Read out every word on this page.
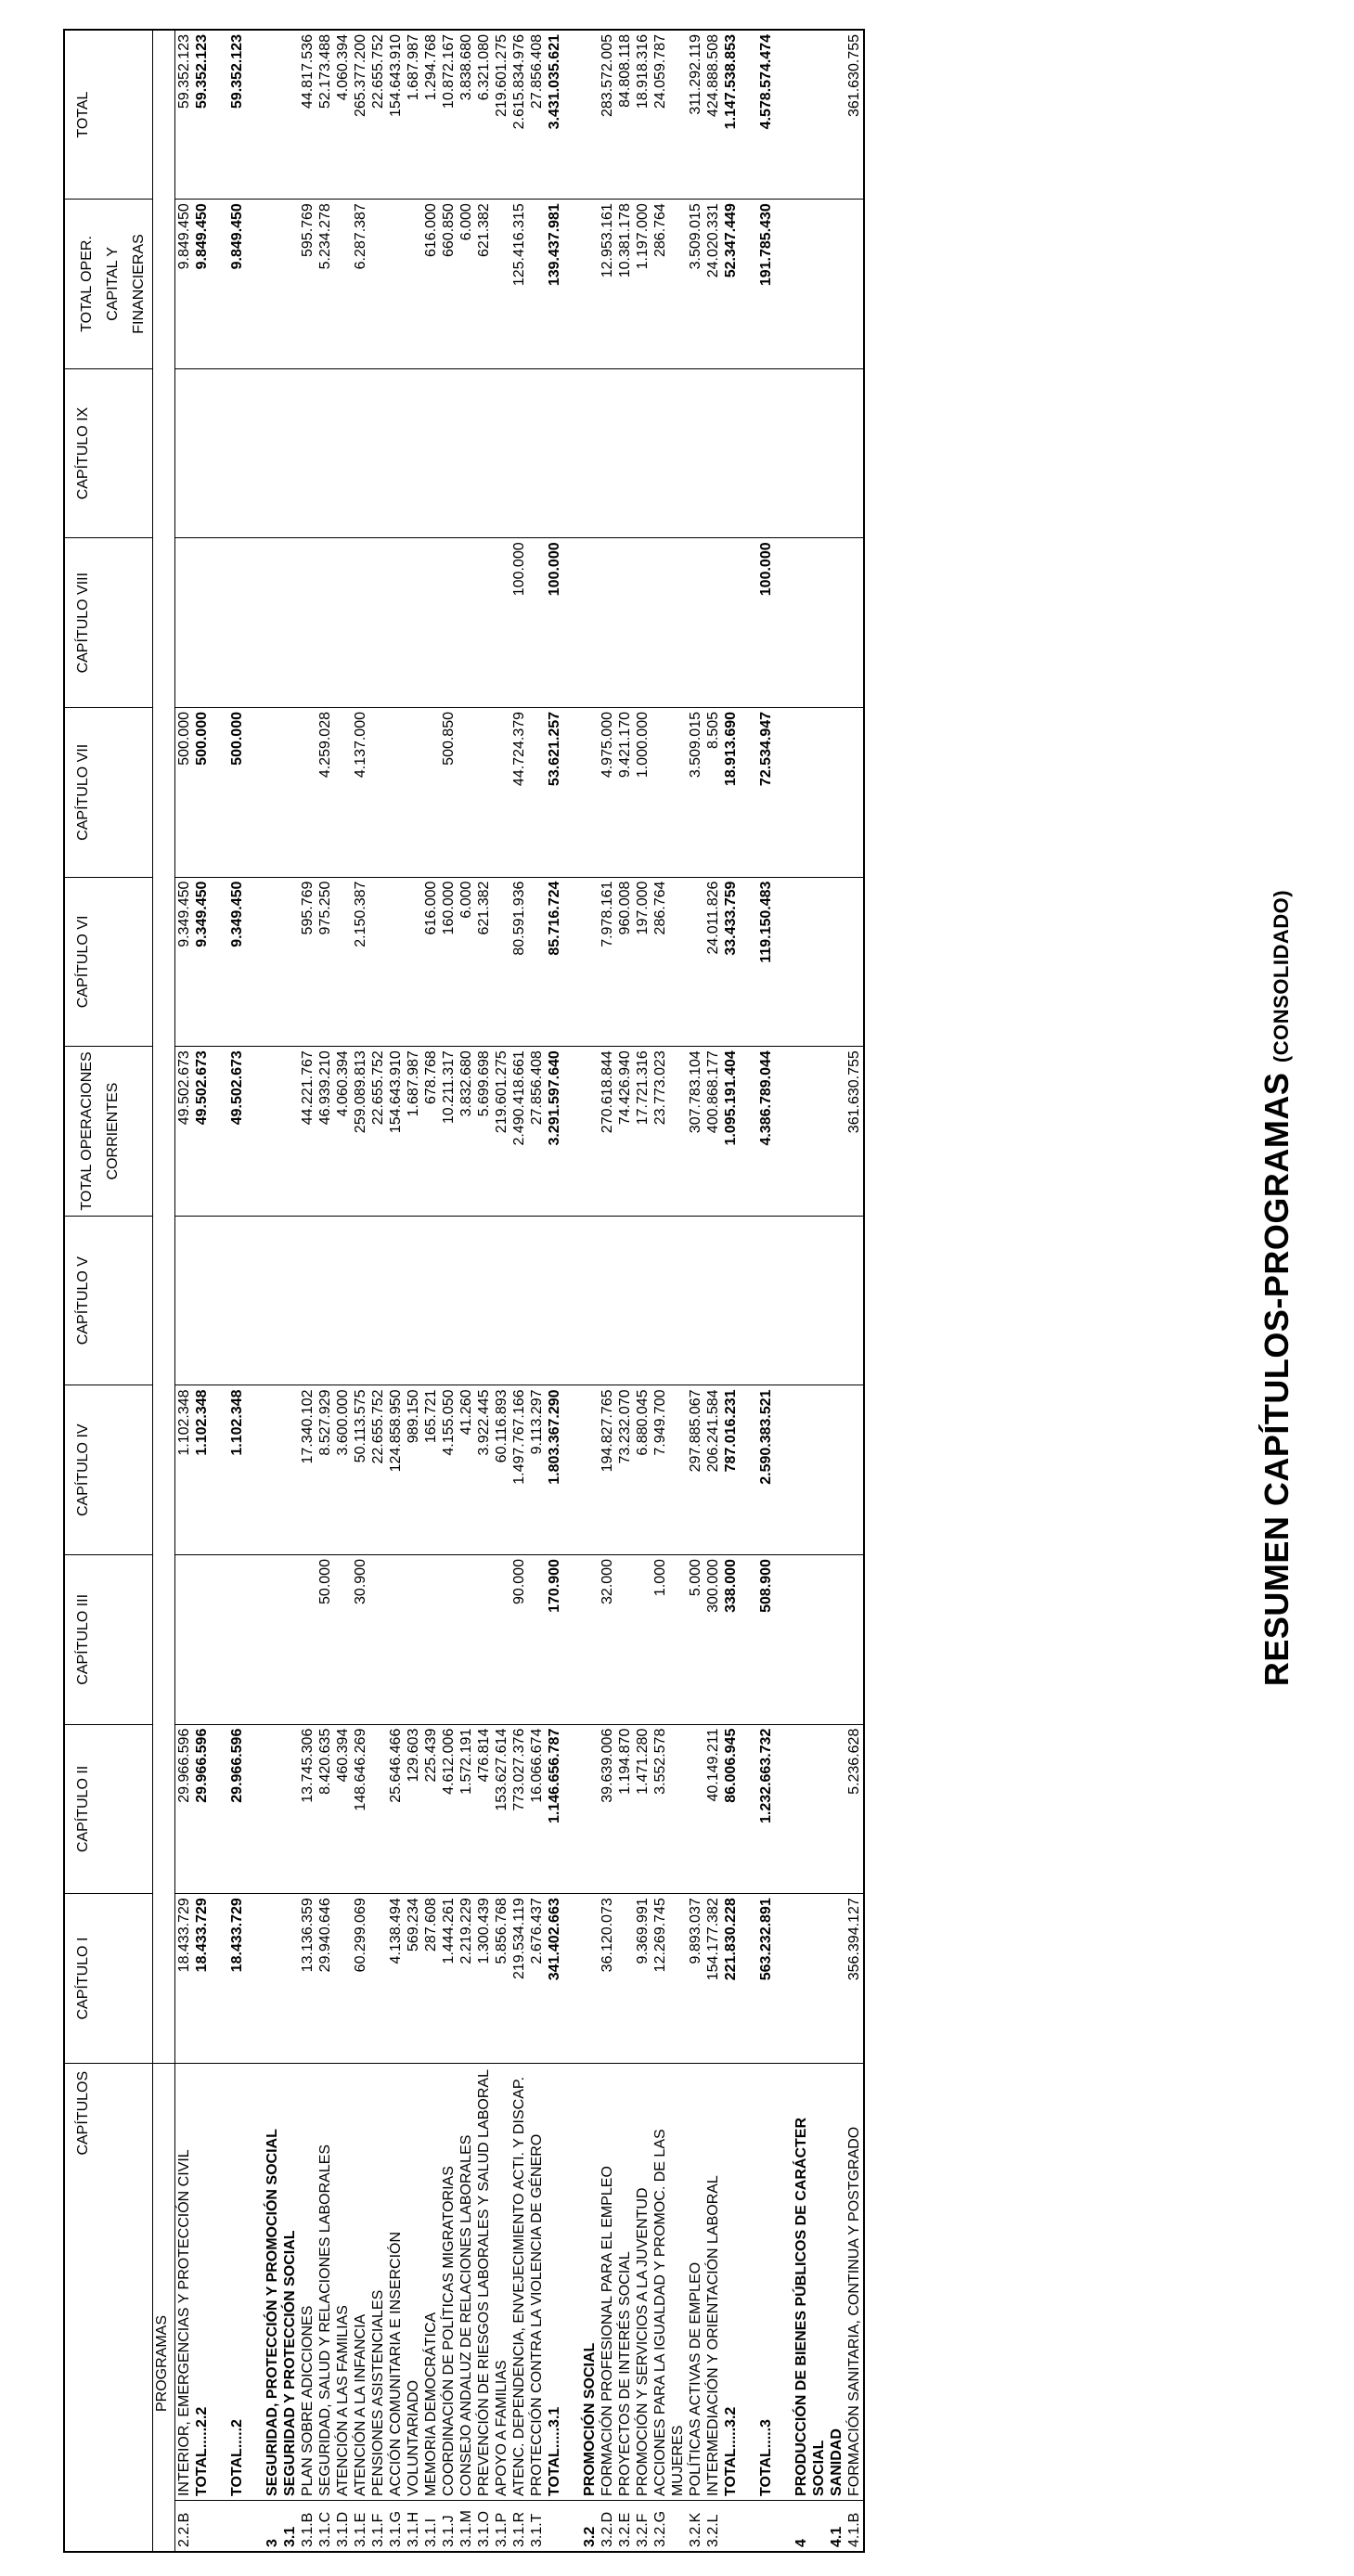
RESUMEN CAPÍTULOS-PROGRAMAS (CONSOLIDADO)
CAPÍTULOS		CAPÍTULO I	CAPÍTULO II	CAPÍTULO III	CAPÍTULO IV	CAPÍTULO V	TOTAL OPERACIONES CORRIENTES	CAPÍTULO VI	CAPÍTULO VII	CAPÍTULO VIII	CAPÍTULO IX	TOTAL OPER. CAPITAL Y FINANCIERAS	TOTAL
PROGRAMAS													
2.2.B	INTERIOR, EMERGENCIAS Y PROTECCIÓN CIVIL	18.433.729	29.966.596		1.102.348		49.502.673	9.349.450	500.000			9.849.450	59.352.123
	TOTAL.....2.2	18.433.729	29.966.596		1.102.348		49.502.673	9.349.450	500.000			9.849.450	59.352.123

	TOTAL.....2	18.433.729	29.966.596		1.102.348		49.502.673	9.349.450	500.000			9.849.450	59.352.123

3	SEGURIDAD, PROTECCIÓN Y PROMOCIÓN SOCIAL												
3.1	SEGURIDAD Y PROTECCIÓN SOCIAL												
3.1.B	PLAN SOBRE ADICCIONES	13.136.359	13.745.306		17.340.102		44.221.767	595.769				595.769	44.817.536
3.1.C	SEGURIDAD, SALUD Y RELACIONES LABORALES	29.940.646	8.420.635	50.000	8.527.929		46.939.210	975.250	4.259.028			5.234.278	52.173.488
3.1.D	ATENCIÓN A LAS FAMILIAS		460.394		3.600.000		4.060.394						4.060.394
3.1.E	ATENCIÓN A LA INFANCIA	60.299.069	148.646.269	30.900	50.113.575		259.089.813	2.150.387	4.137.000			6.287.387	265.377.200
3.1.F	PENSIONES ASISTENCIALES				22.655.752		22.655.752						22.655.752
3.1.G	ACCIÓN COMUNITARIA E INSERCIÓN	4.138.494	25.646.466		124.858.950		154.643.910						154.643.910
3.1.H	VOLUNTARIADO	569.234	129.603		989.150		1.687.987						1.687.987
3.1.I	MEMORIA DEMOCRÁTICA	287.608	225.439		165.721		678.768	616.000				616.000	1.294.768
3.1.J	COORDINACIÓN DE POLÍTICAS MIGRATORIAS	1.444.261	4.612.006		4.155.050		10.211.317	160.000	500.850			660.850	10.872.167
3.1.M	CONSEJO ANDALUZ DE RELACIONES LABORALES	2.219.229	1.572.191		41.260		3.832.680	6.000				6.000	3.838.680
3.1.O	PREVENCIÓN DE RIESGOS LABORALES Y SALUD LABORAL	1.300.439	476.814		3.922.445		5.699.698	621.382				621.382	6.321.080
3.1.P	APOYO A FAMILIAS	5.856.768	153.627.614		60.116.893		219.601.275						219.601.275
3.1.R	ATENC. DEPENDENCIA, ENVEJECIMIENTO ACTI. Y DISCAP.	219.534.119	773.027.376	90.000	1.497.767.166		2.490.418.661	80.591.936	44.724.379	100.000		125.416.315	2.615.834.976
3.1.T	PROTECCIÓN CONTRA LA VIOLENCIA DE GÉNERO	2.676.437	16.066.674		9.113.297		27.856.408						27.856.408
	TOTAL.....3.1	341.402.663	1.146.656.787	170.900	1.803.367.290		3.291.597.640	85.716.724	53.621.257	100.000		139.437.981	3.431.035.621

3.2	PROMOCIÓN SOCIAL												
3.2.D	FORMACIÓN PROFESIONAL PARA EL EMPLEO	36.120.073	39.639.006	32.000	194.827.765		270.618.844	7.978.161	4.975.000			12.953.161	283.572.005
3.2.E	PROYECTOS DE INTERÉS SOCIAL		1.194.870		73.232.070		74.426.940	960.008	9.421.170			10.381.178	84.808.118
3.2.F	PROMOCIÓN Y SERVICIOS A LA JUVENTUD	9.369.991	1.471.280		6.880.045		17.721.316	197.000	1.000.000			1.197.000	18.918.316
3.2.G	ACCIONES PARA LA IGUALDAD Y PROMOC. DE LAS MUJERES	12.269.745	3.552.578	1.000	7.949.700		23.773.023	286.764				286.764	24.059.787
3.2.K	POLÍTICAS ACTIVAS DE EMPLEO	9.893.037		5.000	297.885.067		307.783.104		3.509.015			3.509.015	311.292.119
3.2.L	INTERMEDIACIÓN Y ORIENTACIÓN LABORAL	154.177.382	40.149.211	300.000	206.241.584		400.868.177	24.011.826	8.505			24.020.331	424.888.508
	TOTAL.....3.2	221.830.228	86.006.945	338.000	787.016.231		1.095.191.404	33.433.759	18.913.690			52.347.449	1.147.538.853

	TOTAL.....3	563.232.891	1.232.663.732	508.900	2.590.383.521		4.386.789.044	119.150.483	72.534.947	100.000		191.785.430	4.578.574.474

4	PRODUCCIÓN DE BIENES PÚBLICOS DE CARÁCTER SOCIAL												
4.1	SANIDAD												
4.1.B	FORMACIÓN SANITARIA, CONTINUA Y POSTGRADO	356.394.127	5.236.628				361.630.755						361.630.755
